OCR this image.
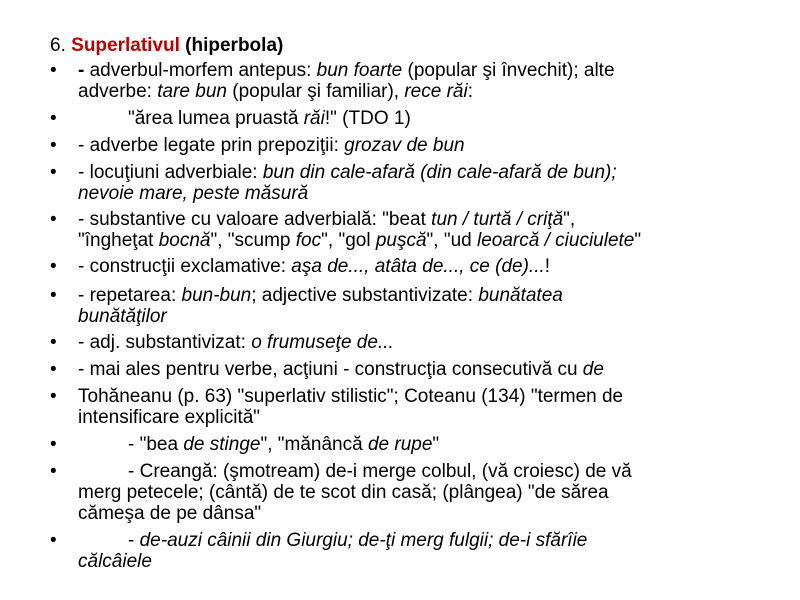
6. Superlativul (hiperbola)
• - adverbul-morfem antepus: bun foarte (popular şi învechit); alte
adverbe: tare bun (popular şi familiar), rece răi:
•	"ărea lumea pruastă răi!" (TDO 1)
• - adverbe legate prin prepoziţii: grozav de bun
• - locuţiuni adverbiale: bun din cale-afară (din cale-afară de bun);
nevoie mare, peste măsură
• - substantive cu valoare adverbială: "beat tun / turtă / criţă",
"îngheţat bocnă", "scump foc", "gol puşcă", "ud leoarcă / ciuciulete"
• - construcţii exclamative: aşa de..., atâta de..., ce (de)...!
• - repetarea: bun-bun; adjective substantivizate: bunătatea
bunătăţilor
• - adj. substantivizat: o frumuseţe de...
• - mai ales pentru verbe, acţiuni - construcţia consecutivă cu de
• Tohăneanu (p. 63) "superlativ stilistic"; Coteanu (134) "termen de
intensificare explicită"
•	- "bea de stinge", "mănâncă de rupe"
•	- Creangă: (şmotream) de-i merge colbul, (vă croiesc) de vă
merg petecele; (cântă) de te scot din casă; (plângea) "de sărea
cămeşa de pe dânsa"
•	- de-auzi câinii din Giurgiu; de-ţi merg fulgii; de-i sfărîie
călcâiele
